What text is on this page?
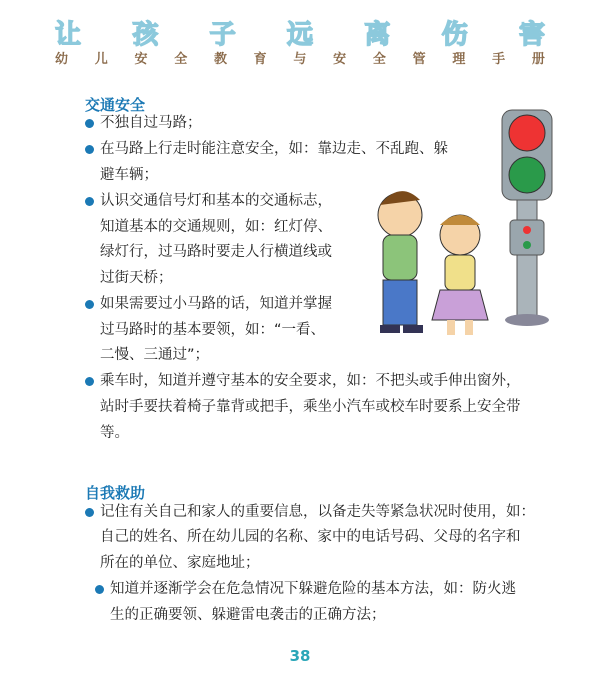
让 孩 子 远 离 伤 害
幼 儿 安 全 教 育 与 安 全 管 理 手 册
交通安全
不独自过马路；
在马路上行走时能注意安全，如：靠边走、不乱跑、躲
避车辆；
认识交通信号灯和基本的交通标志，
知道基本的交通规则，如：红灯停、
绿灯行，过马路时要走人行横道线或
过街天桥；
如果需要过小马路的话，知道并掌握
过马路时的基本要领，如：“一看、
二慢、三通过”；
乘车时，知道并遵守基本的安全要求，如：不把头或手伸出窗外，
站时手要扶着椅子靠背或把手，乘坐小汽车或校车时要系上安全带
等。
自我救助
记住有关自己和家人的重要信息，以备走失等紧急状况时使用，如：
自己的姓名、所在幼儿园的名称、家中的电话号码、父母的名字和
所在的单位、家庭地址；
知道并逐渐学会在危急情况下躲避危险的基本方法，如：防火逃
生的正确要领、躲避雷电袭击的正确方法；
38
